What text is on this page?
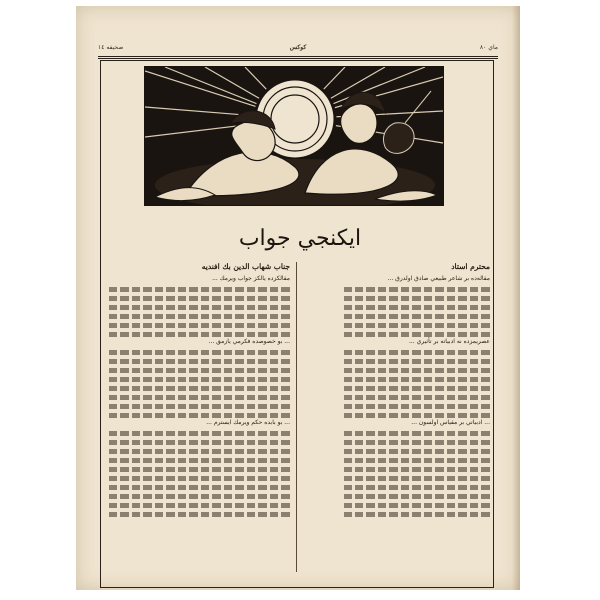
صحيفه ١٤	كوكس	ماي ٨٠
ايكنجي جواب
محترم استاد

مقاله‌ده بر شاعر طبيعي صادق اولدرق ...

عصريمزده نه ادبياته بر تأثيري ...

... ادبياتي بر مقياس اولسون ...

جناب شهاب الدين بك افنديه

مقالكزده يالكز جواب ويرمك ...

... بو خصوصده فكرمي يازمق ...

... بو بابده حكم ويرمك ايسترم ...
